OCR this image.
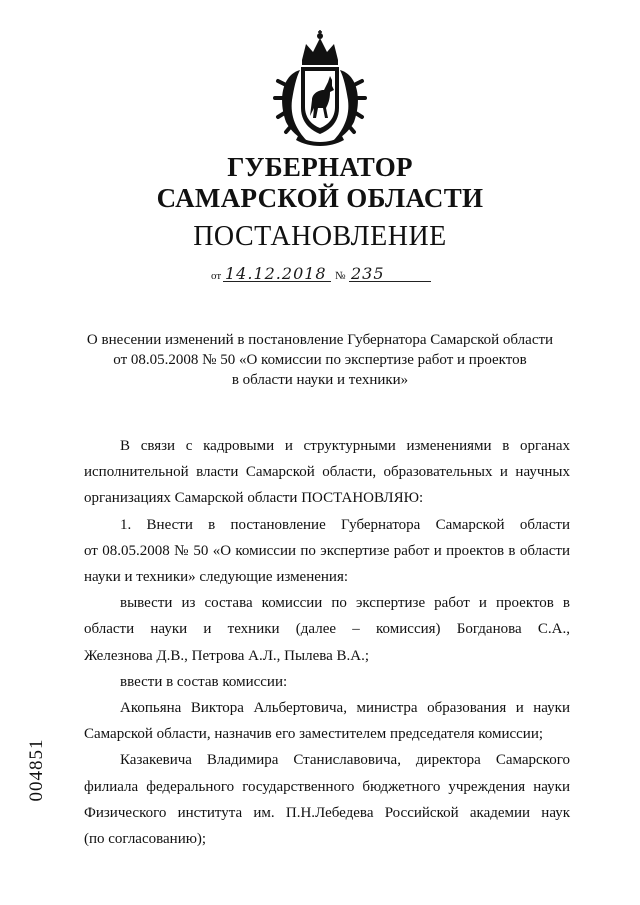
ГУБЕРНАТОР
САМАРСКОЙ ОБЛАСТИ
ПОСТАНОВЛЕНИЕ
от 14.12.2018 № 235
О внесении изменений в постановление Губернатора Самарской области
от 08.05.2008 № 50 «О комиссии по экспертизе работ и проектов
в области науки и техники»
В связи с кадровыми и структурными изменениями в органах
исполнительной власти Самарской области, образовательных и научных
организациях Самарской области ПОСТАНОВЛЯЮ:
1. Внести в постановление Губернатора Самарской области
от 08.05.2008 № 50 «О комиссии по экспертизе работ и проектов в области
науки и техники» следующие изменения:
вывести из состава комиссии по экспертизе работ и проектов в
области науки и техники (далее – комиссия) Богданова С.А.,
Железнова Д.В., Петрова А.Л., Пылева В.А.;
ввести в состав комиссии:
Акопьяна Виктора Альбертовича, министра образования и науки
Самарской области, назначив его заместителем председателя комиссии;
Казакевича Владимира Станиславовича, директора Самарского
филиала федерального государственного бюджетного учреждения науки
Физического института им. П.Н.Лебедева Российской академии наук
(по согласованию);
004851
